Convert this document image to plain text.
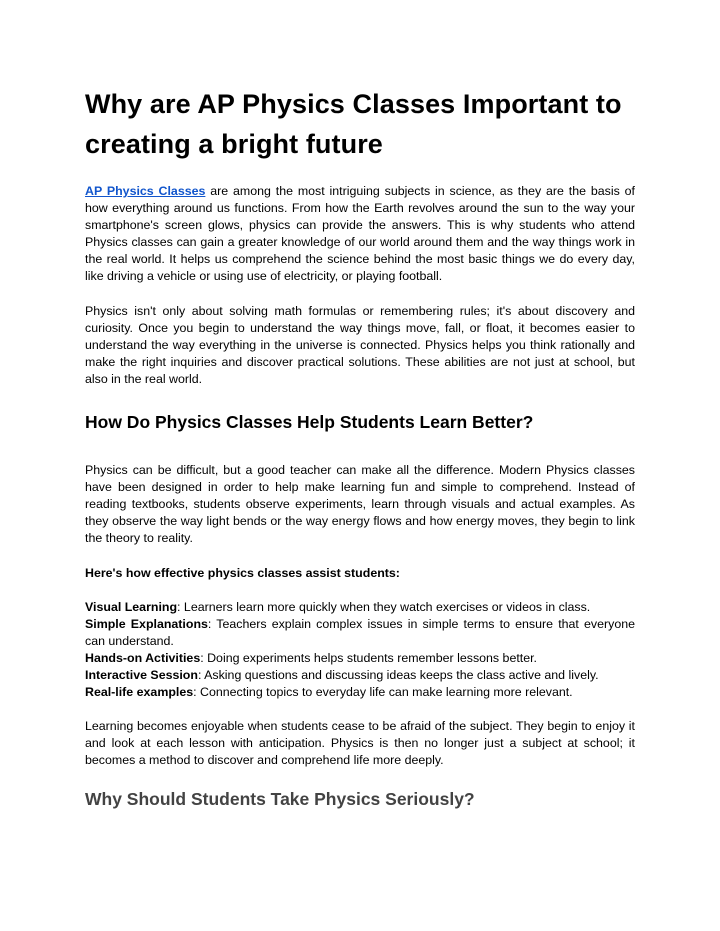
Why are AP Physics Classes Important to creating a bright future

AP Physics Classes are among the most intriguing subjects in science, as they are the basis of how everything around us functions. From how the Earth revolves around the sun to the way your smartphone's screen glows, physics can provide the answers. This is why students who attend Physics classes can gain a greater knowledge of our world around them and the way things work in the real world. It helps us comprehend the science behind the most basic things we do every day, like driving a vehicle or using use of electricity, or playing football.

Physics isn't only about solving math formulas or remembering rules; it's about discovery and curiosity. Once you begin to understand the way things move, fall, or float, it becomes easier to understand the way everything in the universe is connected. Physics helps you think rationally and make the right inquiries and discover practical solutions. These abilities are not just at school, but also in the real world.

How Do Physics Classes Help Students Learn Better?

Physics can be difficult, but a good teacher can make all the difference. Modern Physics classes have been designed in order to help make learning fun and simple to comprehend. Instead of reading textbooks, students observe experiments, learn through visuals and actual examples. As they observe the way light bends or the way energy flows and how energy moves, they begin to link the theory to reality.

Here's how effective physics classes assist students:

Visual Learning: Learners learn more quickly when they watch exercises or videos in class.

Simple Explanations: Teachers explain complex issues in simple terms to ensure that everyone can understand.

Hands-on Activities: Doing experiments helps students remember lessons better.

Interactive Session: Asking questions and discussing ideas keeps the class active and lively.

Real-life examples: Connecting topics to everyday life can make learning more relevant.

Learning becomes enjoyable when students cease to be afraid of the subject. They begin to enjoy it and look at each lesson with anticipation. Physics is then no longer just a subject at school; it becomes a method to discover and comprehend life more deeply.

Why Should Students Take Physics Seriously?
